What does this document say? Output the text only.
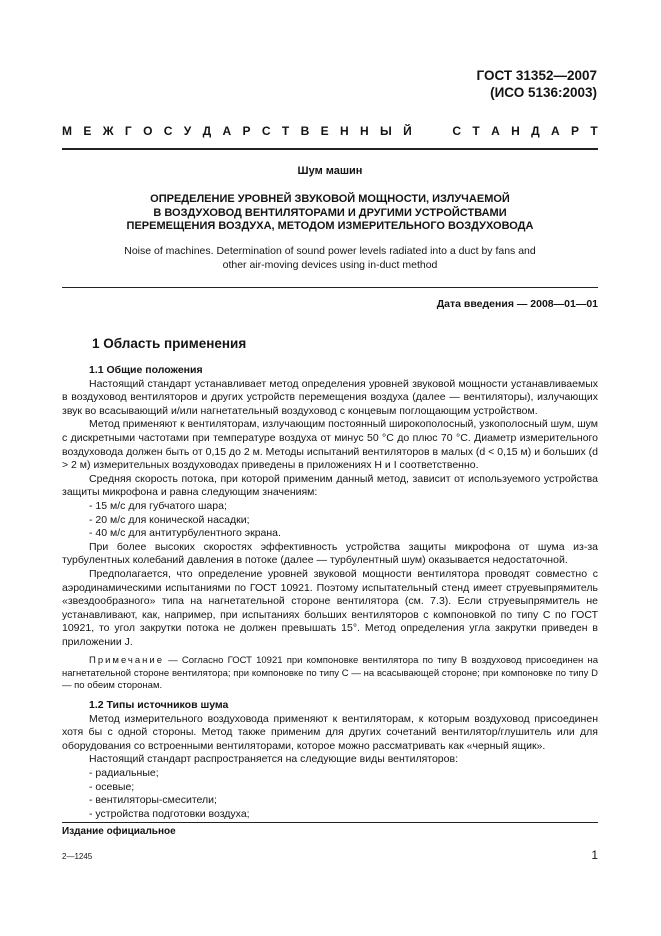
ГОСТ 31352—2007
(ИСО 5136:2003)
М Е Ж Г О С У Д А Р С Т В Е Н Н Ы Й	С Т А Н Д А Р Т
Шум машин
ОПРЕДЕЛЕНИЕ УРОВНЕЙ ЗВУКОВОЙ МОЩНОСТИ, ИЗЛУЧАЕМОЙ
В ВОЗДУХОВОД ВЕНТИЛЯТОРАМИ И ДРУГИМИ УСТРОЙСТВАМИ
ПЕРЕМЕЩЕНИЯ ВОЗДУХА, МЕТОДОМ ИЗМЕРИТЕЛЬНОГО ВОЗДУХОВОДА
Noise of machines. Determination of sound power levels radiated into a duct by fans and
other air-moving devices using in-duct method
Дата введения — 2008—01—01
1 Область применения

1.1 Общие положения

Настоящий стандарт устанавливает метод определения уровней звуковой мощности устанавливаемых в воздуховод вентиляторов и других устройств перемещения воздуха (далее — вентиляторы), излучающих звук во всасывающий и/или нагнетательный воздуховод с концевым поглощающим устройством.

Метод применяют к вентиляторам, излучающим постоянный широкополосный, узкополосный шум, шум с дискретными частотами при температуре воздуха от минус 50 °C до плюс 70 °C. Диаметр измерительного воздуховода должен быть от 0,15 до 2 м. Методы испытаний вентиляторов в малых (d < 0,15 м) и больших (d > 2 м) измерительных воздуховодах приведены в приложениях H и I соответственно.

Средняя скорость потока, при которой применим данный метод, зависит от используемого устройства защиты микрофона и равна следующим значениям:

- 15 м/с для губчатого шара;

- 20 м/с для конической насадки;

- 40 м/с для антитурбулентного экрана.

При более высоких скоростях эффективность устройства защиты микрофона от шума из-за турбулентных колебаний давления в потоке (далее — турбулентный шум) оказывается недостаточной.

Предполагается, что определение уровней звуковой мощности вентилятора проводят совместно с аэродинамическими испытаниями по ГОСТ 10921. Поэтому испытательный стенд имеет струевыпрямитель «звездообразного» типа на нагнетательной стороне вентилятора (см. 7.3). Если струевыпрямитель не устанавливают, как, например, при испытаниях больших вентиляторов с компоновкой по типу С по ГОСТ 10921, то угол закрутки потока не должен превышать 15°. Метод определения угла закрутки приведен в приложении J.

Примечание — Согласно ГОСТ 10921 при компоновке вентилятора по типу В воздуховод присоединен на нагнетательной стороне вентилятора; при компоновке по типу С — на всасывающей стороне; при компоновке по типу D — по обеим сторонам.

1.2 Типы источников шума

Метод измерительного воздуховода применяют к вентиляторам, к которым воздуховод присоединен хотя бы с одной стороны. Метод также применим для других сочетаний вентилятор/глушитель или для оборудования со встроенными вентиляторами, которое можно рассматривать как «черный ящик».

Настоящий стандарт распространяется на следующие виды вентиляторов:

- радиальные;

- осевые;

- вентиляторы-смесители;

- устройства подготовки воздуха;

Издание официальное
2—1245	1
